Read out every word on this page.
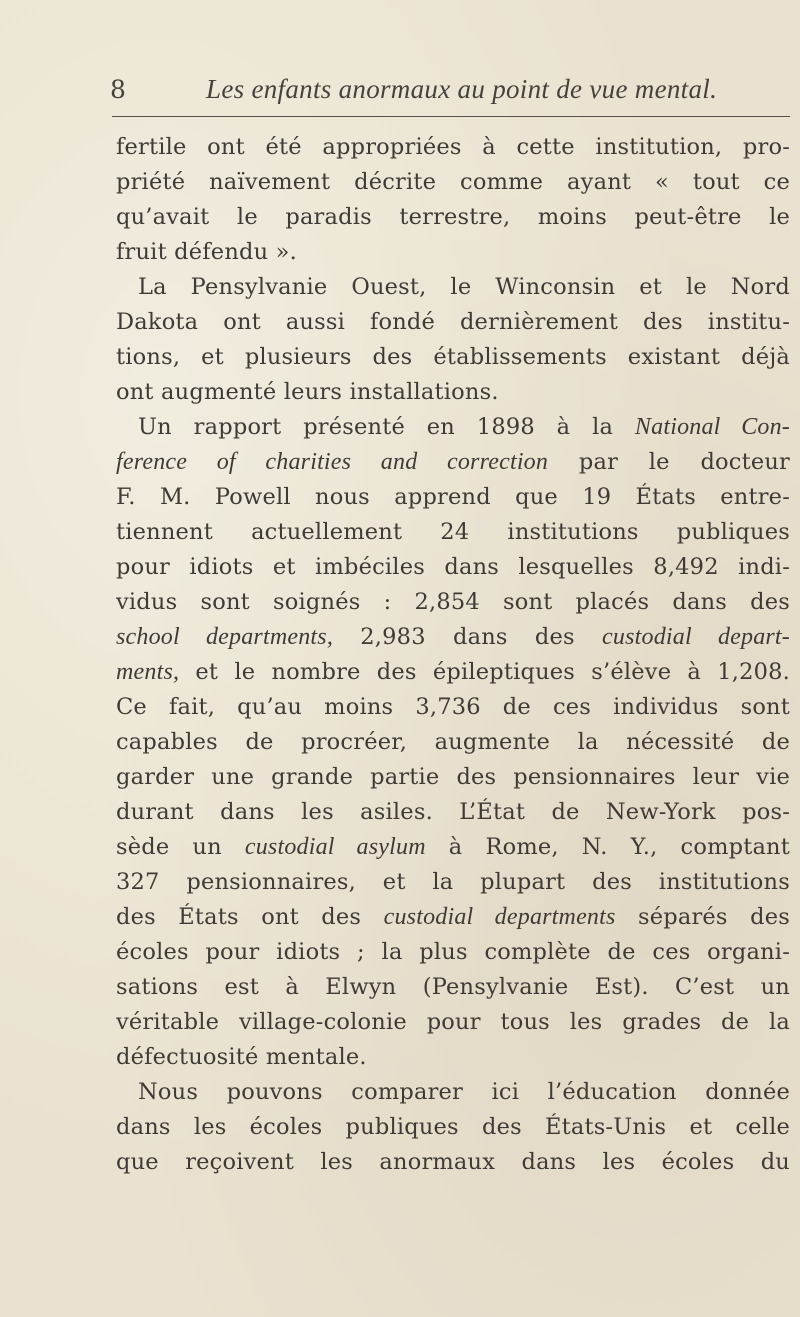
8	Les enfants anormaux au point de vue mental.
fertile ont été appropriées à cette institution, pro-
priété naïvement décrite comme ayant « tout ce
qu’avait le paradis terrestre, moins peut-être le
fruit défendu ».
La Pensylvanie Ouest, le Winconsin et le Nord
Dakota ont aussi fondé dernièrement des institu-
tions, et plusieurs des établissements existant déjà
ont augmenté leurs installations.
Un rapport présenté en 1898 à la National Con-
ference of charities and correction par le docteur
F. M. Powell nous apprend que 19 États entre-
tiennent actuellement 24 institutions publiques
pour idiots et imbéciles dans lesquelles 8,492 indi-
vidus sont soignés : 2,854 sont placés dans des
school departments, 2,983 dans des custodial depart-
ments, et le nombre des épileptiques s’élève à 1,208.
Ce fait, qu’au moins 3,736 de ces individus sont
capables de procréer, augmente la nécessité de
garder une grande partie des pensionnaires leur vie
durant dans les asiles. L’État de New-York pos-
sède un custodial asylum à Rome, N. Y., comptant
327 pensionnaires, et la plupart des institutions
des États ont des custodial departments séparés des
écoles pour idiots ; la plus complète de ces organi-
sations est à Elwyn (Pensylvanie Est). C’est un
véritable village-colonie pour tous les grades de la
défectuosité mentale.
Nous pouvons comparer ici l’éducation donnée
dans les écoles publiques des États-Unis et celle
que reçoivent les anormaux dans les écoles du
